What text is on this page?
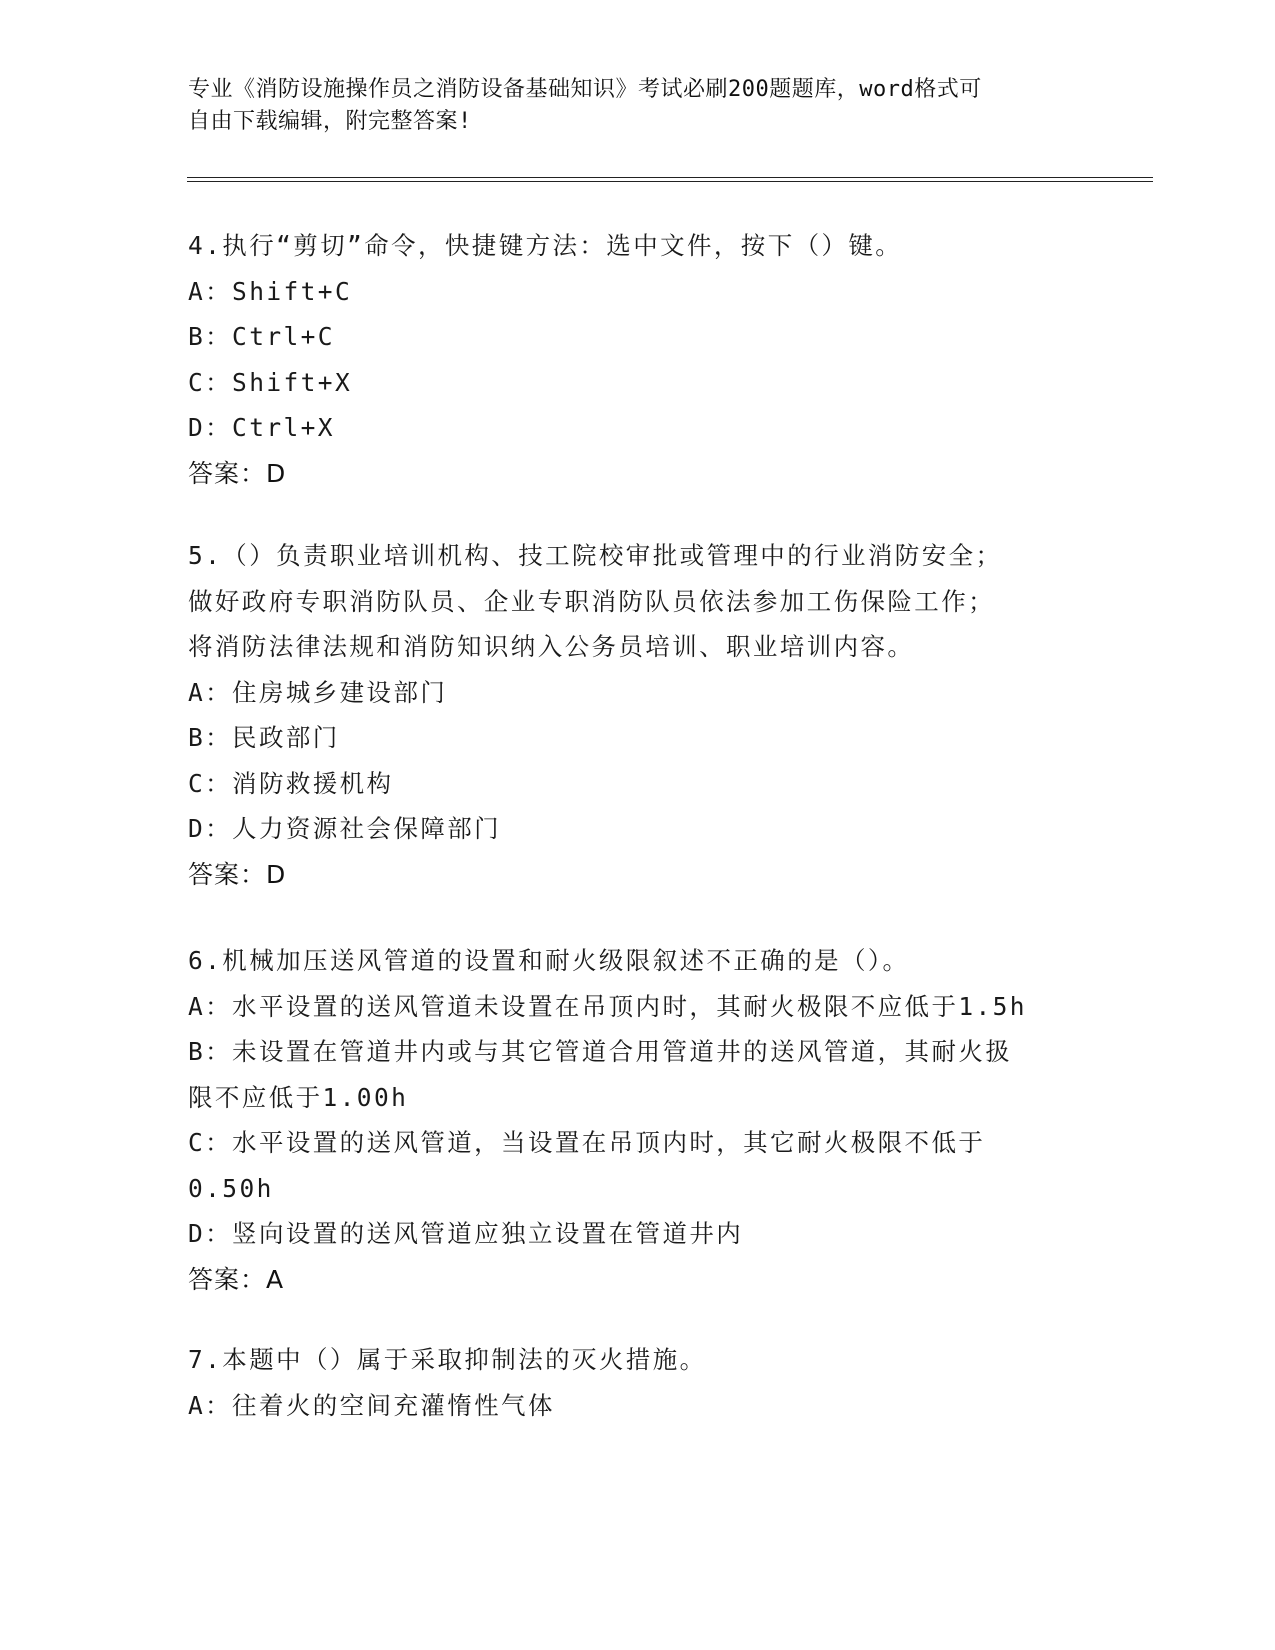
专业《消防设施操作员之消防设备基础知识》考试必刷200题题库，word格式可
自由下载编辑，附完整答案!
4.执行“剪切”命令，快捷键方法：选中文件，按下（）键。
A：Shift+C
B：Ctrl+C
C：Shift+X
D：Ctrl+X
答案：D
5.（）负责职业培训机构、技工院校审批或管理中的行业消防安全；
做好政府专职消防队员、企业专职消防队员依法参加工伤保险工作；
将消防法律法规和消防知识纳入公务员培训、职业培训内容。
A：住房城乡建设部门
B：民政部门
C：消防救援机构
D：人力资源社会保障部门
答案：D
6.机械加压送风管道的设置和耐火级限叙述不正确的是（）。
A：水平设置的送风管道未设置在吊顶内时，其耐火极限不应低于1.5h
B：未设置在管道井内或与其它管道合用管道井的送风管道，其耐火扱
限不应低于1.00h
C：水平设置的送风管道，当设置在吊顶内时，其它耐火极限不低于
0.50h
D：竖向设置的送风管道应独立设置在管道井内
答案：A
7.本题中（）属于采取抑制法的灭火措施。
A：往着火的空间充灌惰性气体
